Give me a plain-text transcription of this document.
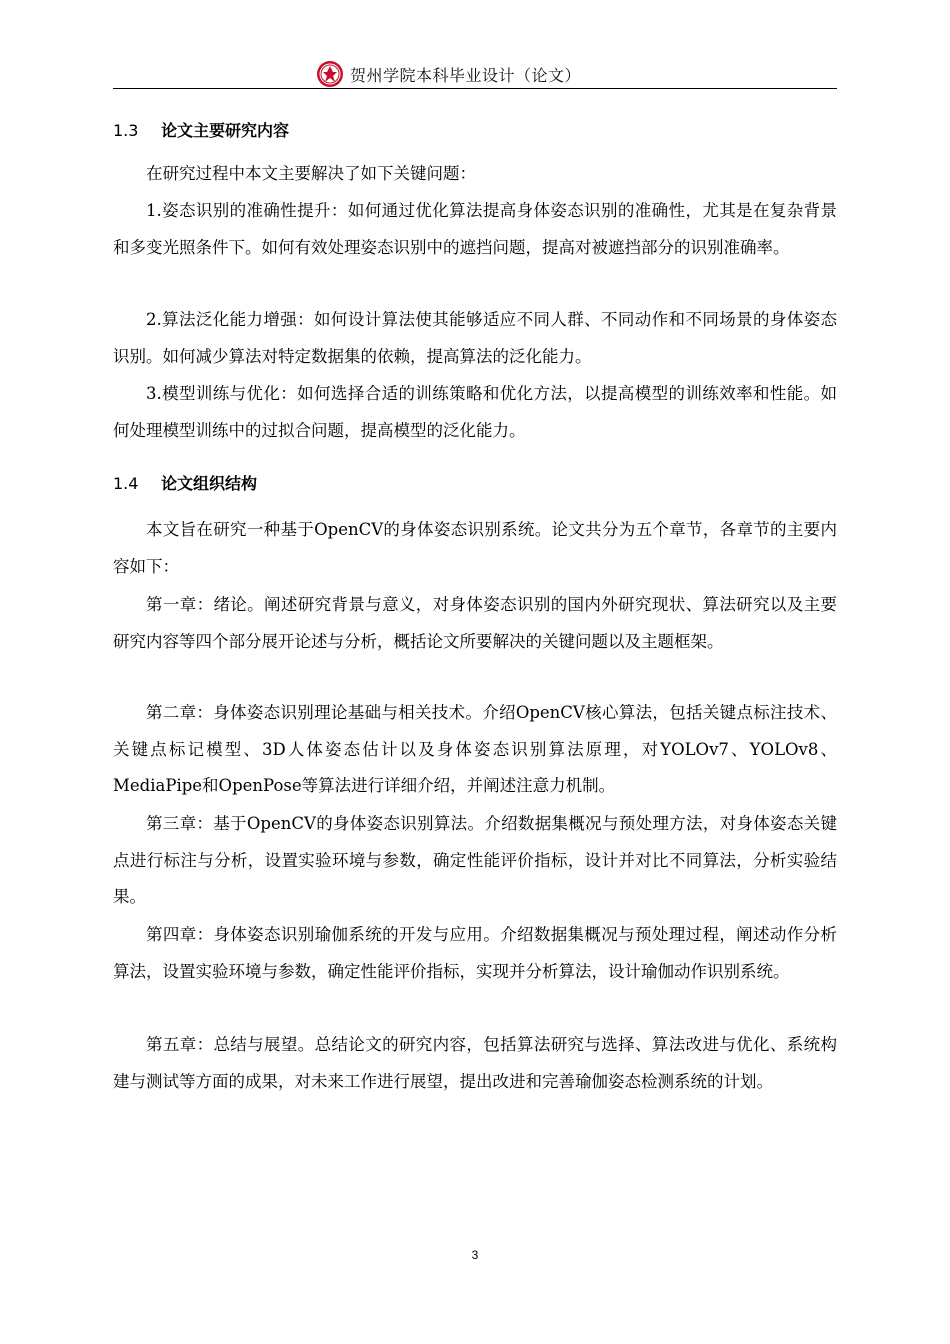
贺州学院本科毕业设计（论文）
1.3 论文主要研究内容

在研究过程中本文主要解决了如下关键问题：

1.姿态识别的准确性提升：如何通过优化算法提高身体姿态识别的准确性，尤其是在复杂背景和多变光照条件下。如何有效处理姿态识别中的遮挡问题，提高对被遮挡部分的识别准确率。

2.算法泛化能力增强：如何设计算法使其能够适应不同人群、不同动作和不同场景的身体姿态识别。如何减少算法对特定数据集的依赖，提高算法的泛化能力。

3.模型训练与优化：如何选择合适的训练策略和优化方法，以提高模型的训练效率和性能。如何处理模型训练中的过拟合问题，提高模型的泛化能力。

1.4 论文组织结构

本文旨在研究一种基于OpenCV的身体姿态识别系统。论文共分为五个章节，各章节的主要内容如下：

第一章：绪论。阐述研究背景与意义，对身体姿态识别的国内外研究现状、算法研究以及主要研究内容等四个部分展开论述与分析，概括论文所要解决的关键问题以及主题框架。

第二章：身体姿态识别理论基础与相关技术。介绍OpenCV核心算法，包括关键点标注技术、关键点标记模型、3D人体姿态估计以及身体姿态识别算法原理，对YOLOv7、YOLOv8、MediaPipe和OpenPose等算法进行详细介绍，并阐述注意力机制。

第三章：基于OpenCV的身体姿态识别算法。介绍数据集概况与预处理方法，对身体姿态关键点进行标注与分析，设置实验环境与参数，确定性能评价指标，设计并对比不同算法，分析实验结果。

第四章：身体姿态识别瑜伽系统的开发与应用。介绍数据集概况与预处理过程，阐述动作分析算法，设置实验环境与参数，确定性能评价指标，实现并分析算法，设计瑜伽动作识别系统。

第五章：总结与展望。总结论文的研究内容，包括算法研究与选择、算法改进与优化、系统构建与测试等方面的成果，对未来工作进行展望，提出改进和完善瑜伽姿态检测系统的计划。

3
